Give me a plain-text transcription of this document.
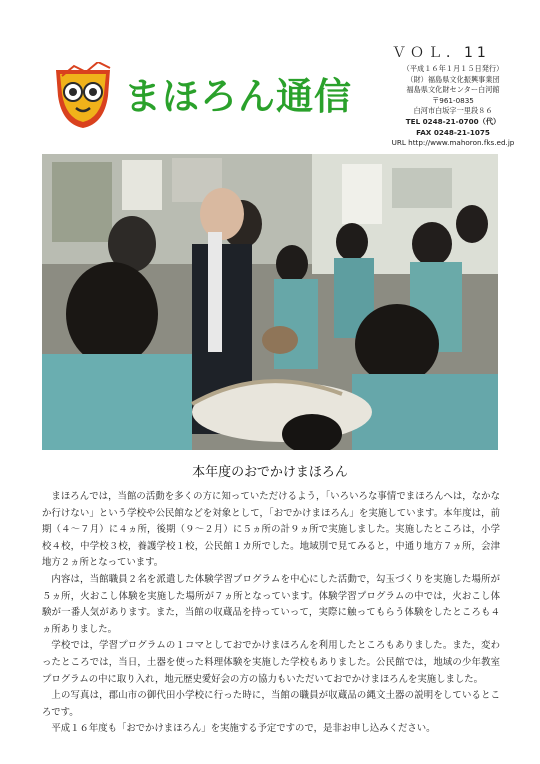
まほろん通信
ＶＯＬ．11
（平成１６年１月１５日発行）
（財）福島県文化振興事業団
福島県文化財センター白河館
〒961-0835
白河市白坂字一里段８６
TEL 0248-21-0700（代）
FAX 0248-21-1075
URL http://www.mahoron.fks.ed.jp
本年度のおでかけまほろん

まほろんでは，当館の活動を多くの方に知っていただけるよう，「いろいろな事情でまほろんへは，なかなか行けない」という学校や公民館などを対象として，「おでかけまほろん」を実施しています。本年度は，前期（４～７月）に４ヵ所，後期（９～２月）に５ヵ所の計９ヵ所で実施しました。実施したところは，小学校４校，中学校３校，養護学校１校，公民館１カ所でした。地域別で見てみると，中通り地方７ヵ所，会津地方２ヵ所となっています。

内容は，当館職員２名を派遣した体験学習プログラムを中心にした活動で，勾玉づくりを実施した場所が５ヵ所，火おこし体験を実施した場所が７ヵ所となっています。体験学習プログラムの中では，火おこし体験が一番人気があります。また，当館の収蔵品を持っていって，実際に触ってもらう体験をしたところも４ヵ所ありました。

学校では，学習プログラムの１コマとしておでかけまほろんを利用したところもありました。また，変わったところでは，当日，土器を使った料理体験を実施した学校もありました。公民館では，地域の少年教室プログラムの中に取り入れ，地元歴史愛好会の方の協力もいただいておでかけまほろんを実施しました。

上の写真は，郡山市の御代田小学校に行った時に，当館の職員が収蔵品の縄文土器の説明をしているところです。

平成１６年度も「おでかけまほろん」を実施する予定ですので，是非お申し込みください。
